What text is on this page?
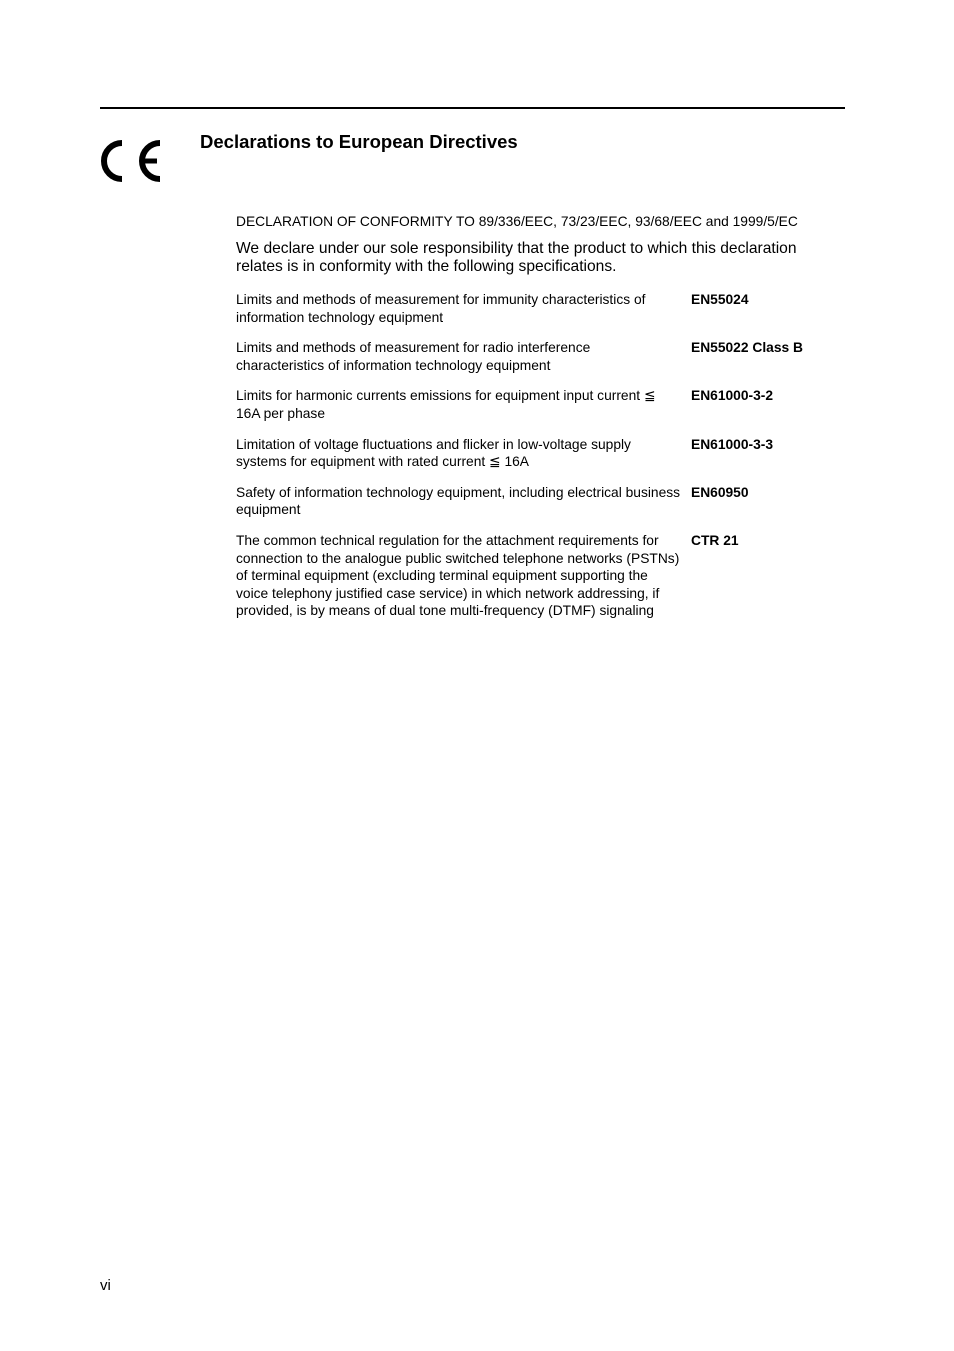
Declarations to European Directives
DECLARATION OF CONFORMITY TO 89/336/EEC, 73/23/EEC, 93/68/EEC and 1999/5/EC
We declare under our sole responsibility that the product to which this declaration relates is in conformity with the following specifications.
Limits and methods of measurement for immunity characteristics of information technology equipment
EN55024
Limits and methods of measurement for radio interference characteristics of information technology equipment
EN55022 Class B
Limits for harmonic currents emissions for equipment input current ≦ 16A per phase
EN61000-3-2
Limitation of voltage fluctuations and flicker in low-voltage supply systems for equipment with rated current ≦ 16A
EN61000-3-3
Safety of information technology equipment, including electrical business equipment
EN60950
The common technical regulation for the attachment requirements for connection to the analogue public switched telephone networks (PSTNs) of terminal equipment (excluding terminal equipment supporting the voice telephony justified case service) in which network addressing, if provided, is by means of dual tone multi-frequency (DTMF) signaling
CTR 21
vi
